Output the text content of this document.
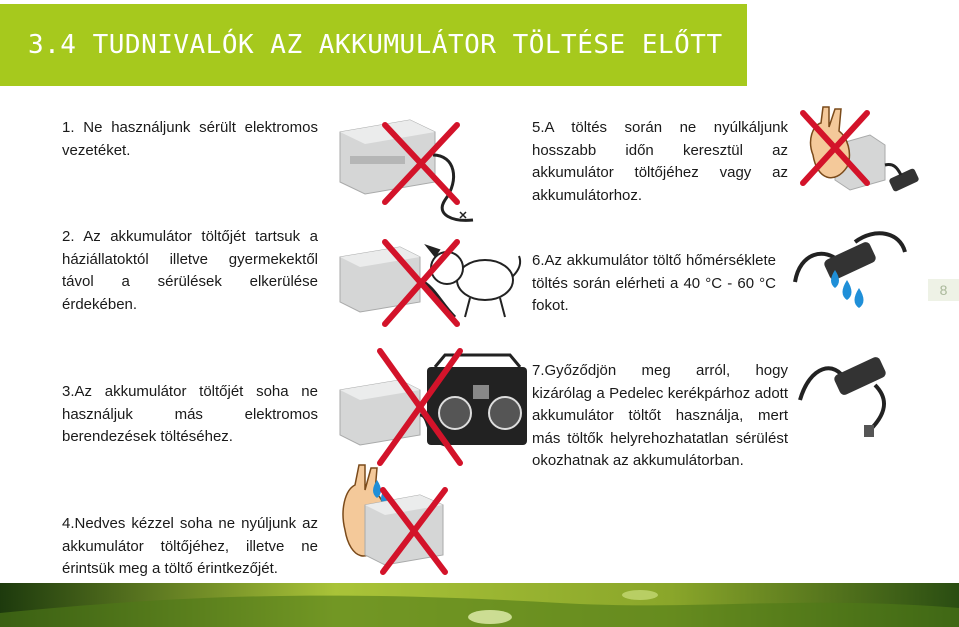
3.4 TUDNIVALÓK AZ AKKUMULÁTOR TÖLTÉSE ELŐTT
1. Ne használjunk sérült elektromos vezetéket.
2. Az akkumulátor töltőjét tartsuk a háziállatoktól illetve gyermekektől távol a sérülések elkerülése érdekében.
3.Az akkumulátor töltőjét soha ne használjuk más elektromos berendezések töltéséhez.
4.Nedves kézzel soha ne nyúljunk az akkumulátor töltőjéhez, illetve ne érintsük meg a töltő érintkezőjét.
5.A töltés során ne nyúlkáljunk hosszabb időn keresztül az akkumulátor töltőjéhez vagy az akkumulátorhoz.
6.Az akkumulátor töltő hőmérséklete töltés során elérheti a 40 °C - 60 °C fokot.
7.Győződjön meg arról, hogy kizárólag a Pedelec kerékpárhoz adott akkumulátor töltőt használja, mert más töltők helyrehozhatatlan sérülést okozhatnak az akkumulátorban.
8
